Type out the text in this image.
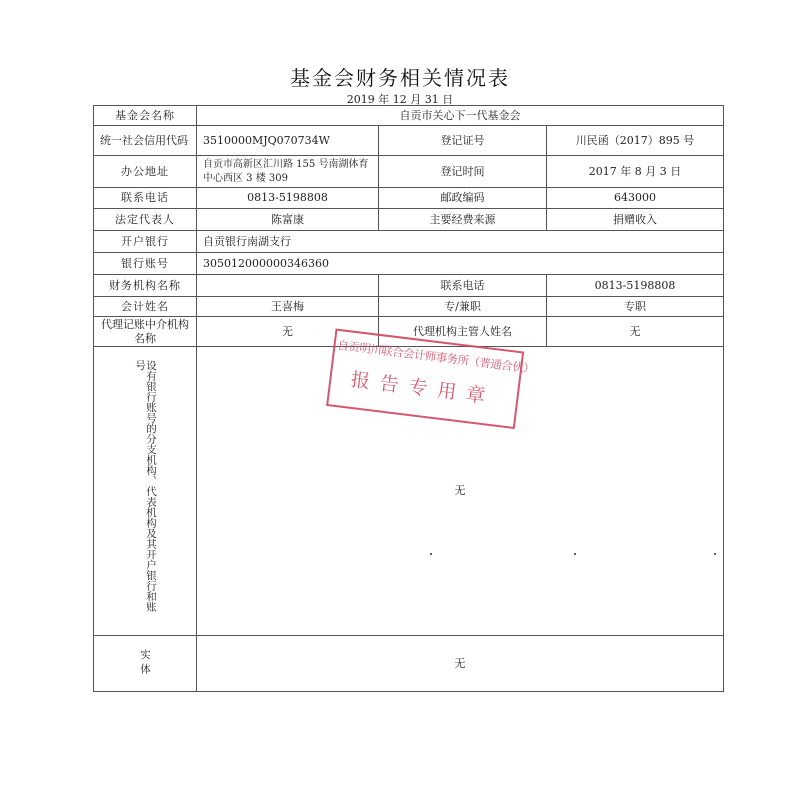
基金会财务相关情况表
2019 年 12 月 31 日
基金会名称	自贡市关心下一代基金会		
统一社会信用代码	3510000MJQ070734W	登记证号	川民函（2017）895 号
办公地址	自贡市高新区汇川路 155 号南湖体育中心西区 3 楼 309	登记时间	2017 年 8 月 3 日
联系电话	0813-5198808	邮政编码	643000
法定代表人	陈富康	主要经费来源	捐赠收入
开户银行	自贡银行南湖支行		
银行账号	305012000000346360		
财务机构名称		联系电话	0813-5198808
会计姓名	王喜梅	专/兼职	专职
代理记账中介机构名称	无	代理机构主管人姓名	无

设有银行账号的分支机构、代表机构及其开户银行和账号	无		

实体	无		
自贡明川联合会计师事务所（普通合伙）
报告专用章
